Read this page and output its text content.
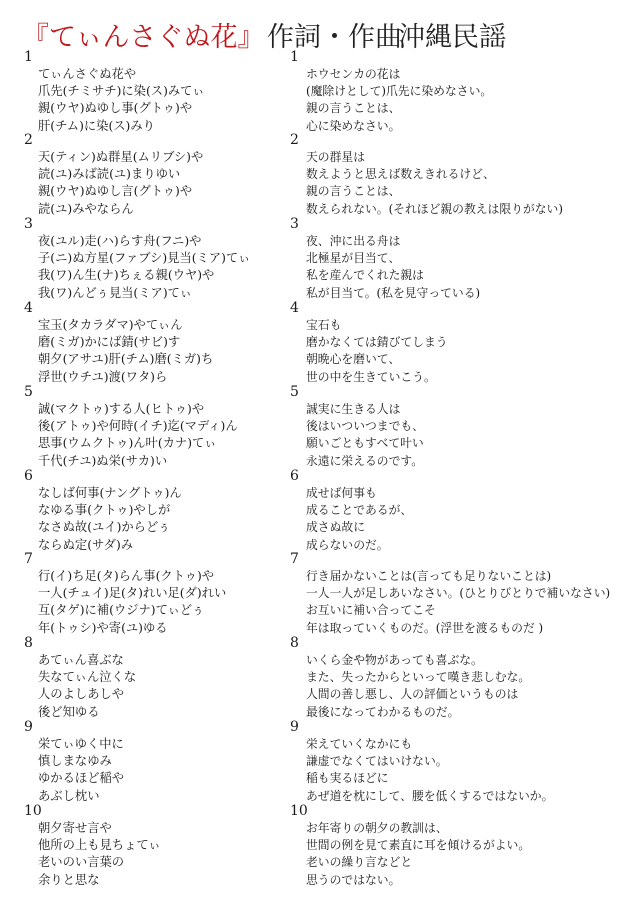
『てぃんさぐぬ花』 作詞・作曲
沖縄民謡
1
てぃんさぐぬ花や
爪先(チミサチ)に染(ス)みてぃ
親(ウヤ)ぬゆし事(グトゥ)や
肝(チム)に染(ス)みり
2
天(ティン)ぬ群星(ムリブシ)や
読(ユ)みば読(ユ)まりゆい
親(ウヤ)ぬゆし言(グトゥ)や
読(ユ)みやならん
3
夜(ユル)走(ハ)らす舟(フニ)や
子(ニ)ぬ方星(ファブシ)見当(ミア)てぃ
我(ワ)ん生(ナ)ちぇる親(ウヤ)や
我(ワ)んどぅ見当(ミア)てぃ
4
宝玉(タカラダマ)やてぃん
磨(ミガ)かにば錆(サビ)す
朝夕(アサユ)肝(チム)磨(ミガ)ち
浮世(ウチユ)渡(ワタ)ら
5
誠(マクトゥ)する人(ヒトゥ)や
後(アトゥ)や何時(イチ)迄(マディ)ん
思事(ウムクトゥ)ん叶(カナ)てぃ
千代(チユ)ぬ栄(サカ)い
6
なしば何事(ナングトゥ)ん
なゆる事(クトゥ)やしが
なさぬ故(ユイ)からどぅ
ならぬ定(サダ)み
7
行(イ)ち足(タ)らん事(クトゥ)や
一人(チュイ)足(タ)れい足(ダ)れい
互(タゲ)に補(ウジナ)てぃどぅ
年(トゥシ)や寄(ユ)ゆる
8
あてぃん喜ぶな
失なてぃん泣くな
人のよしあしや
後ど知ゆる
9
栄てぃゆく中に
慎しまなゆみ
ゆかるほど稲や
あぶし枕い
10
朝夕寄せ言や
他所の上も見ちょてぃ
老いのい言葉の
余りと思な
1
ホウセンカの花は
(魔除けとして)爪先に染めなさい。
親の言うことは、
心に染めなさい。
2
天の群星は
数えようと思えば数えきれるけど、
親の言うことは、
数えられない。(それほど親の教えは限りがない)
3
夜、沖に出る舟は
北極星が目当て、
私を産んでくれた親は
私が目当て。(私を見守っている)
4
宝石も
磨かなくては錆びてしまう
朝晩心を磨いて、
世の中を生きていこう。
5
誠実に生きる人は
後はいついつまでも、
願いごともすべて叶い
永遠に栄えるのです。
6
成せば何事も
成ることであるが、
成さぬ故に
成らないのだ。
7
行き届かないことは(言っても足りないことは)
一人一人が足しあいなさい。(ひとりびとりで補いなさい)
お互いに補い合ってこそ
年は取っていくものだ。(浮世を渡るものだ )
8
いくら金や物があっても喜ぶな。
また、失ったからといって嘆き悲しむな。
人間の善し悪し、人の評価というものは
最後になってわかるものだ。
9
栄えていくなかにも
謙虚でなくてはいけない。
稲も実るほどに
あぜ道を枕にして、腰を低くするではないか。
10
お年寄りの朝夕の教訓は、
世間の例を見て素直に耳を傾けるがよい。
老いの繰り言などと
思うのではない。
